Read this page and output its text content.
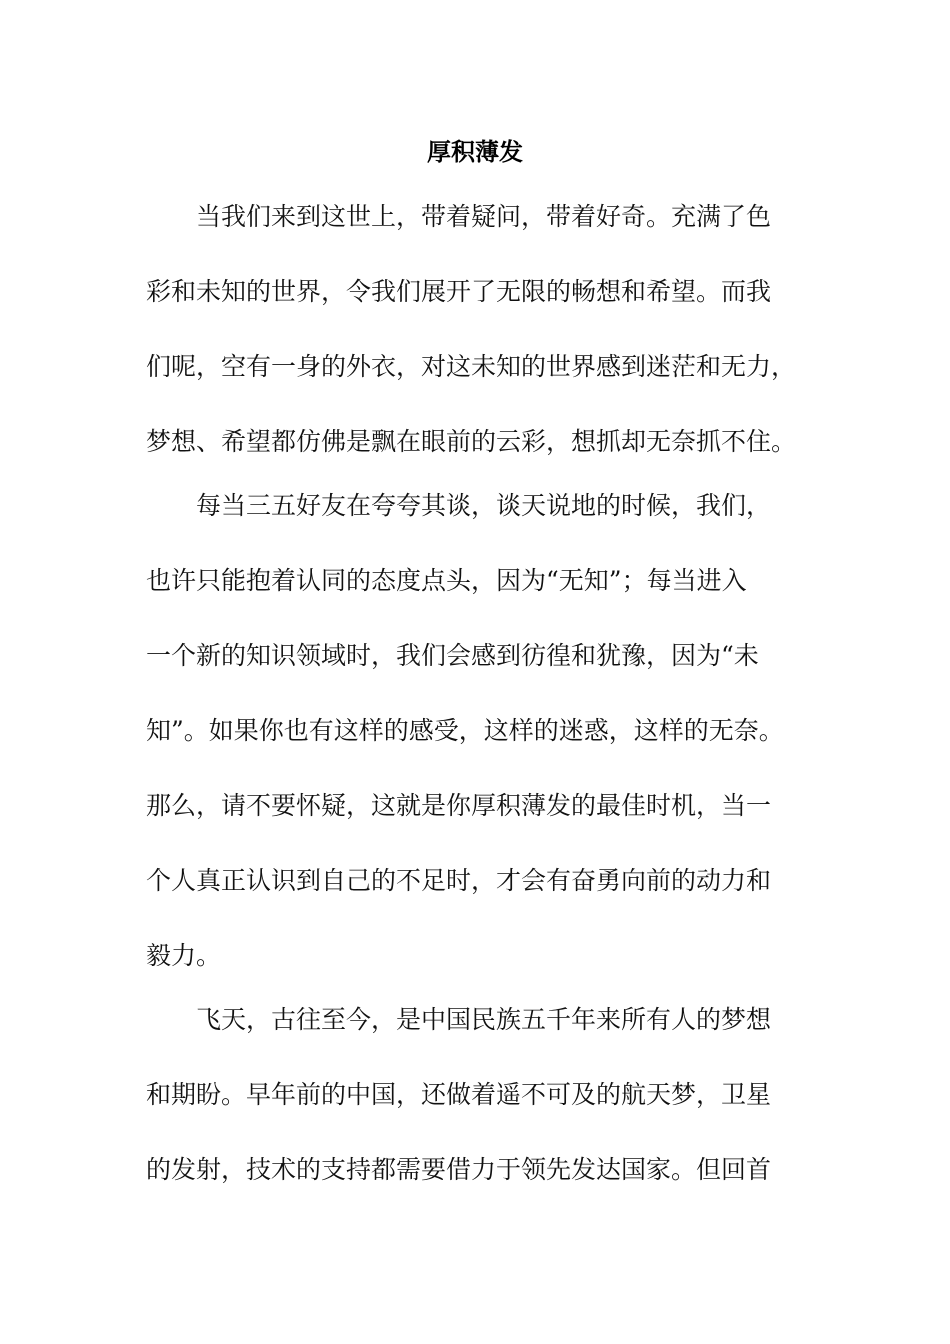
厚积薄发
当我们来到这世上，带着疑问，带着好奇。充满了色
彩和未知的世界，令我们展开了无限的畅想和希望。而我
们呢，空有一身的外衣，对这未知的世界感到迷茫和无力，
梦想、希望都仿佛是飘在眼前的云彩，想抓却无奈抓不住。
每当三五好友在夸夸其谈，谈天说地的时候，我们，
也许只能抱着认同的态度点头，因为“无知”；每当进入
一个新的知识领域时，我们会感到彷徨和犹豫，因为“未
知”。如果你也有这样的感受，这样的迷惑，这样的无奈。
那么，请不要怀疑，这就是你厚积薄发的最佳时机，当一
个人真正认识到自己的不足时，才会有奋勇向前的动力和
毅力。
飞天，古往至今，是中国民族五千年来所有人的梦想
和期盼。早年前的中国，还做着遥不可及的航天梦，卫星
的发射，技术的支持都需要借力于领先发达国家。但回首
